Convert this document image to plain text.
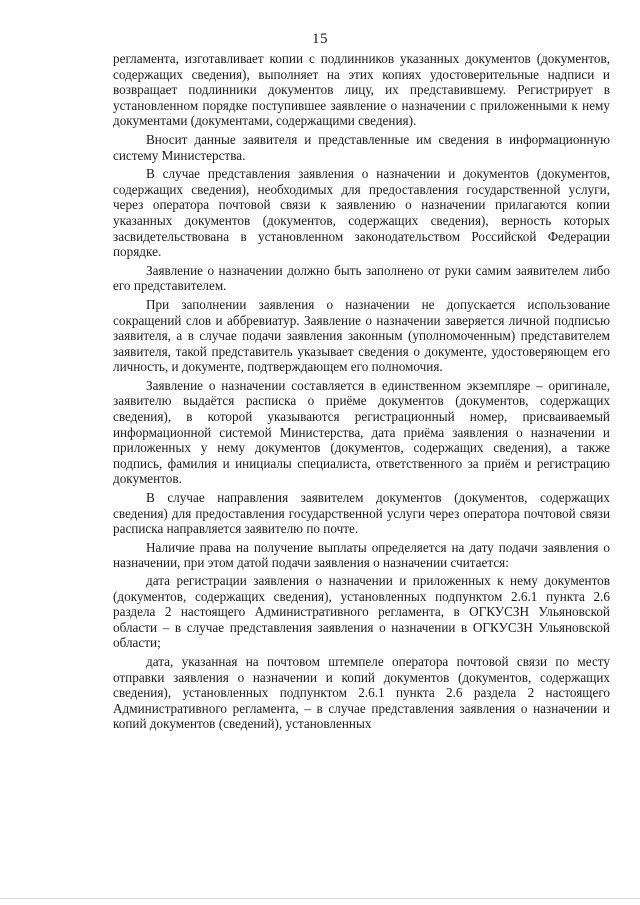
15

регламента, изготавливает копии с подлинников указанных документов (документов, содержащих сведения), выполняет на этих копиях удостоверительные надписи и возвращает подлинники документов лицу, их представившему. Регистрирует в установленном порядке поступившее заявление о назначении с приложенными к нему документами (документами, содержащими сведения).

Вносит данные заявителя и представленные им сведения в информационную систему Министерства.

В случае представления заявления о назначении и документов (документов, содержащих сведения), необходимых для предоставления государственной услуги, через оператора почтовой связи к заявлению о назначении прилагаются копии указанных документов (документов, содержащих сведения), верность которых засвидетельствована в установленном законодательством Российской Федерации порядке.

Заявление о назначении должно быть заполнено от руки самим заявителем либо его представителем.

При заполнении заявления о назначении не допускается использование сокращений слов и аббревиатур. Заявление о назначении заверяется личной подписью заявителя, а в случае подачи заявления законным (уполномоченным) представителем заявителя, такой представитель указывает сведения о документе, удостоверяющем его личность, и документе, подтверждающем его полномочия.

Заявление о назначении составляется в единственном экземпляре – оригинале, заявителю выдаётся расписка о приёме документов (документов, содержащих сведения), в которой указываются регистрационный номер, присваиваемый информационной системой Министерства, дата приёма заявления о назначении и приложенных у нему документов (документов, содержащих сведения), а также подпись, фамилия и инициалы специалиста, ответственного за приём и регистрацию документов.

В случае направления заявителем документов (документов, содержащих сведения) для предоставления государственной услуги через оператора почтовой связи расписка направляется заявителю по почте.

Наличие права на получение выплаты определяется на дату подачи заявления о назначении, при этом датой подачи заявления о назначении считается:

дата регистрации заявления о назначении и приложенных к нему документов (документов, содержащих сведения), установленных подпунктом 2.6.1 пункта 2.6 раздела 2 настоящего Административного регламента, в ОГКУСЗН Ульяновской области – в случае представления заявления о назначении в ОГКУСЗН Ульяновской области;

дата, указанная на почтовом штемпеле оператора почтовой связи по месту отправки заявления о назначении и копий документов (документов, содержащих сведения), установленных подпунктом 2.6.1 пункта 2.6 раздела 2 настоящего Административного регламента, – в случае представления заявления о назначении и копий документов (сведений), установленных
